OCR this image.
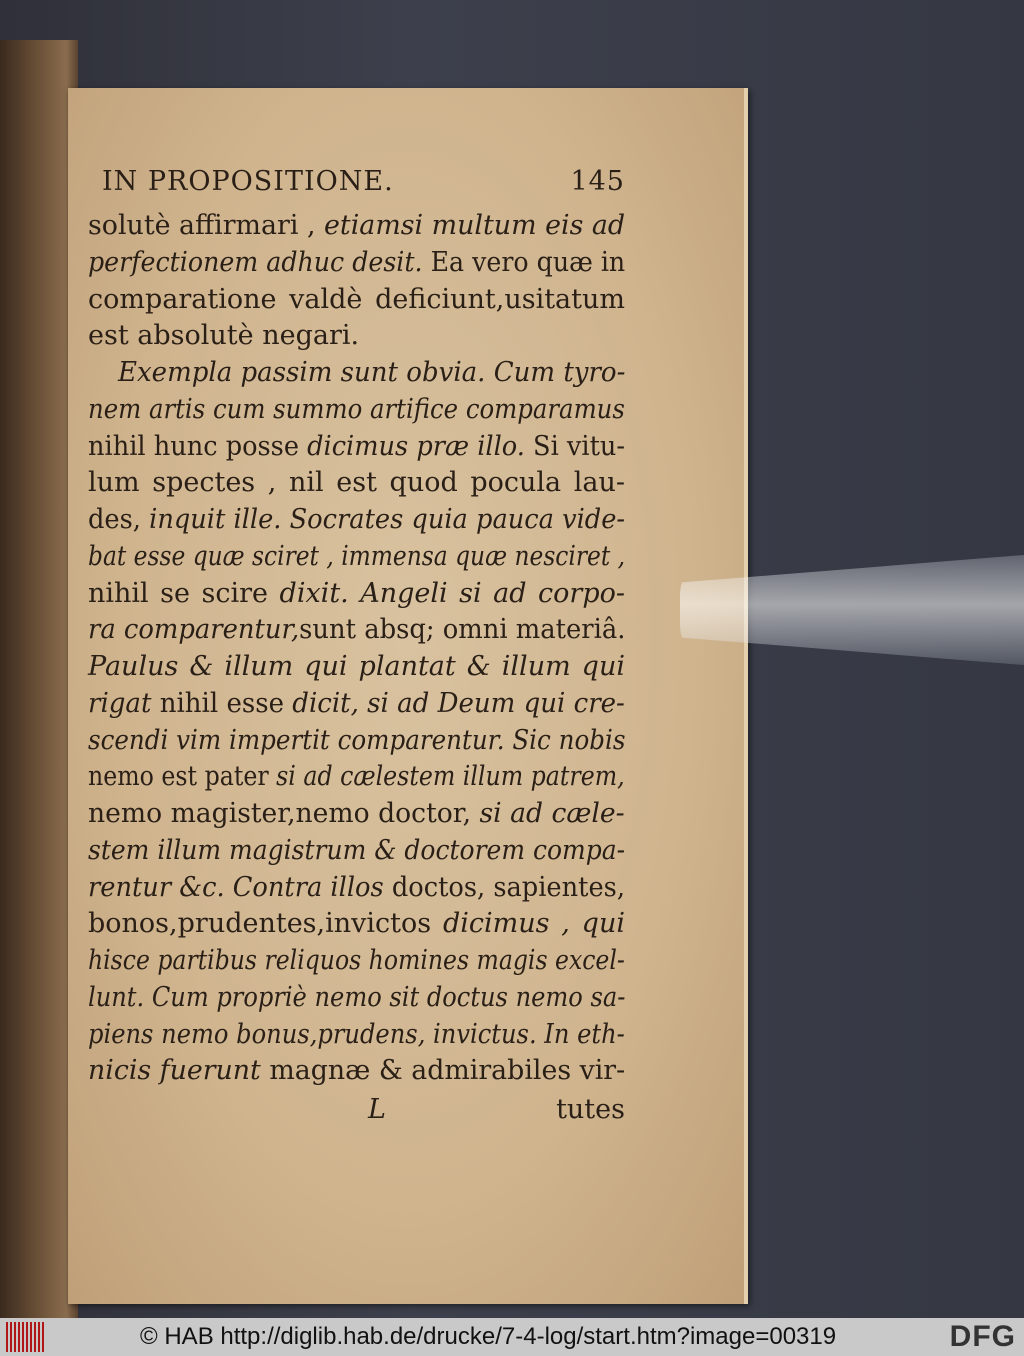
IN PROPOSITIONE.	145
solutè affirmari , etiamsi multum eis ad
perfectionem adhuc desit. Ea vero quæ in
comparatione valdè deficiunt,usitatum
est absolutè negari.
Exempla passim sunt obvia. Cum tyro-
nem artis cum summo artifice comparamus
nihil hunc posse dicimus præ illo. Si vitu-
lum spectes , nil est quod pocula lau-
des, inquit ille. Socrates quia pauca vide-
bat esse quæ sciret , immensa quæ nesciret ,
nihil se scire dixit. Angeli si ad corpo-
ra comparentur,sunt absq; omni materiâ.
Paulus & illum qui plantat & illum qui
rigat nihil esse dicit, si ad Deum qui cre-
scendi vim impertit comparentur. Sic nobis
nemo est pater si ad cælestem illum patrem,
nemo magister,nemo doctor, si ad cæle-
stem illum magistrum & doctorem compa-
rentur &c. Contra illos doctos, sapientes,
bonos,prudentes,invictos dicimus , qui
hisce partibus reliquos homines magis excel-
lunt. Cum propriè nemo sit doctus nemo sa-
piens nemo bonus,prudens, invictus. In eth-
nicis fuerunt magnæ & admirabiles vir-
L	tutes
© HAB http://diglib.hab.de/drucke/7-4-log/start.htm?image=00319	DFG
